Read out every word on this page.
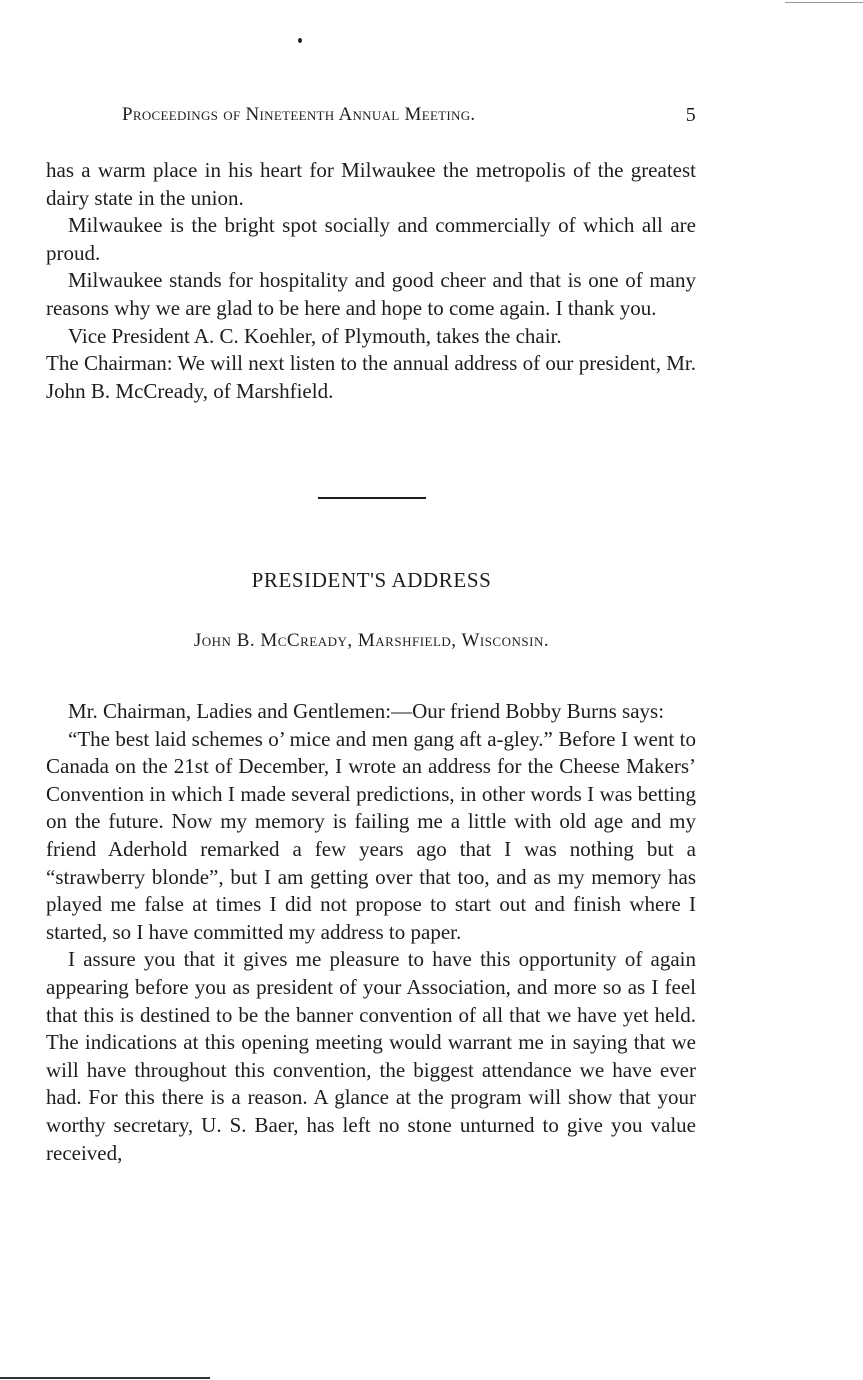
Proceedings of Nineteenth Annual Meeting.	5

has a warm place in his heart for Milwaukee the metropolis of the greatest dairy state in the union.

Milwaukee is the bright spot socially and commercially of which all are proud.

Milwaukee stands for hospitality and good cheer and that is one of many reasons why we are glad to be here and hope to come again. I thank you.

Vice President A. C. Koehler, of Plymouth, takes the chair.

The Chairman: We will next listen to the annual address of our president, Mr. John B. McCready, of Marshfield.

PRESIDENT'S ADDRESS
John B. McCready, Marshfield, Wisconsin.

Mr. Chairman, Ladies and Gentlemen:—Our friend Bobby Burns says:

“The best laid schemes o’ mice and men gang aft a-gley.” Before I went to Canada on the 21st of December, I wrote an address for the Cheese Makers’ Convention in which I made several predictions, in other words I was betting on the future. Now my memory is failing me a little with old age and my friend Aderhold remarked a few years ago that I was nothing but a “strawberry blonde”, but I am getting over that too, and as my memory has played me false at times I did not propose to start out and finish where I started, so I have committed my address to paper.

I assure you that it gives me pleasure to have this opportunity of again appearing before you as president of your Association, and more so as I feel that this is destined to be the banner convention of all that we have yet held. The indications at this opening meeting would warrant me in saying that we will have throughout this convention, the biggest attendance we have ever had. For this there is a reason. A glance at the program will show that your worthy secretary, U. S. Baer, has left no stone unturned to give you value received,
